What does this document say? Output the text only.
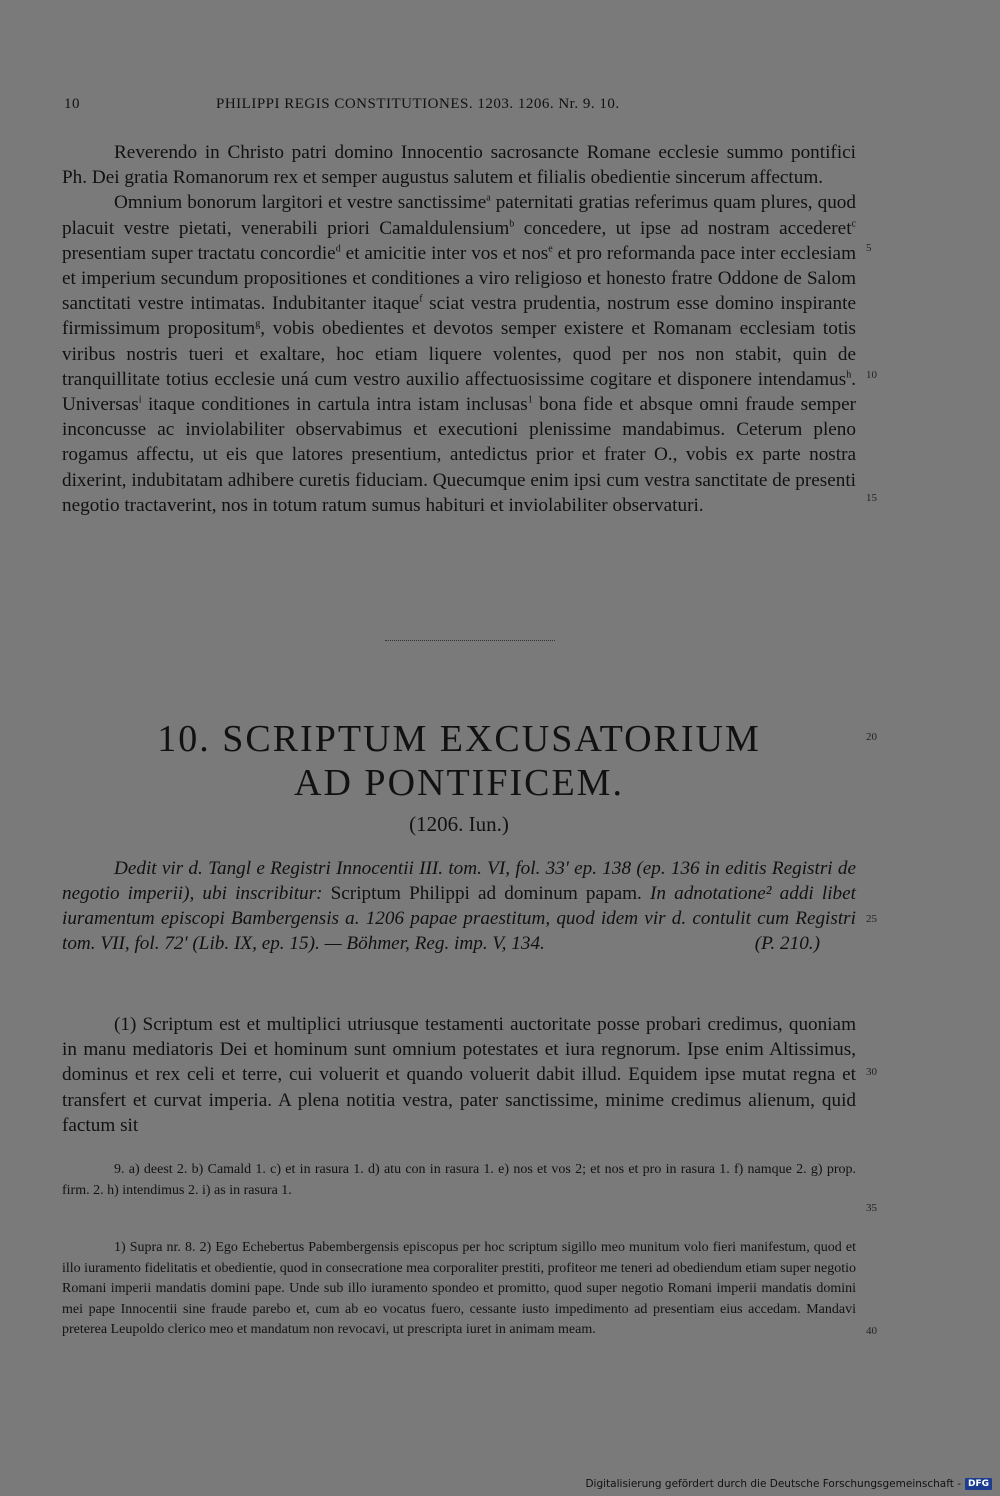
10	PHILIPPI REGIS CONSTITUTIONES. 1203. 1206. Nr. 9. 10.

Reverendo in Christo patri domino Innocentio sacrosancte Romane ecclesie summo pontifici Ph. Dei gratia Romanorum rex et semper augustus salutem et filialis obedientie sincerum affectum.

Omnium bonorum largitori et vestre sanctissime$^a$ paternitati gratias referimus quam plures, quod placuit vestre pietati, venerabili priori Camaldulensium$^b$ concedere, ut ipse ad nostram accederet$^c$ presentiam super tractatu concordie$^d$ et amicitie inter vos et nos$^e$ et pro reformanda pace inter ecclesiam et imperium secundum propositiones et conditiones a viro religioso et honesto fratre Oddone de Salom sanctitati vestre intimatas. Indubitanter itaque$^f$ sciat vestra prudentia, nostrum esse domino inspirante firmissimum propositum$^g$, vobis obedientes et devotos semper existere et Romanam ecclesiam totis viribus nostris tueri et exaltare, hoc etiam liquere volentes, quod per nos non stabit, quin de tranquillitate totius ecclesie uná cum vestro auxilio affectuosissime cogitare et disponere intendamus$^h$. Universas$^i$ itaque conditiones in cartula intra istam inclusas$^1$ bona fide et absque omni fraude semper inconcusse ac inviolabiliter observabimus et executioni plenissime mandabimus. Ceterum pleno rogamus affectu, ut eis que latores presentium, antedictus prior et frater O., vobis ex parte nostra dixerint, indubitatam adhibere curetis fiduciam. Quecumque enim ipsi cum vestra sanctitate de presenti negotio tractaverint, nos in totum ratum sumus habituri et inviolabiliter observaturi.

5
10
15
20
25
30
35
40
10. SCRIPTUM EXCUSATORIUM
AD PONTIFICEM.
(1206. Iun.)

Dedit vir d. Tangl e Registri Innocentii III. tom. VI, fol. 33' ep. 138 (ep. 136 in editis Registri de negotio imperii), ubi inscribitur: Scriptum Philippi ad dominum papam. In adnotatione² addi libet iuramentum episcopi Bambergensis a. 1206 papae praestitum, quod idem vir d. contulit cum Registri tom. VII, fol. 72' (Lib. IX, ep. 15). — Böhmer, Reg. imp. V, 134.	(P. 210.)

(1) Scriptum est et multiplici utriusque testamenti auctoritate posse probari credimus, quoniam in manu mediatoris Dei et hominum sunt omnium potestates et iura regnorum. Ipse enim Altissimus, dominus et rex celi et terre, cui voluerit et quando voluerit dabit illud. Equidem ipse mutat regna et transfert et curvat imperia. A plena notitia vestra, pater sanctissime, minime credimus alienum, quid factum sit

9. a) deest 2. b) Camald 1. c) et in rasura 1. d) atu con in rasura 1. e) nos et vos 2; et nos et pro in rasura 1. f) namque 2. g) prop. firm. 2. h) intendimus 2. i) as in rasura 1.

1) Supra nr. 8. 2) Ego Echebertus Pabembergensis episcopus per hoc scriptum sigillo meo munitum volo fieri manifestum, quod et illo iuramento fidelitatis et obedientie, quod in consecratione mea corporaliter prestiti, profiteor me teneri ad obediendum etiam super negotio Romani imperii mandatis domini pape. Unde sub illo iuramento spondeo et promitto, quod super negotio Romani imperii mandatis domini mei pape Innocentii sine fraude parebo et, cum ab eo vocatus fuero, cessante iusto impedimento ad presentiam eius accedam. Mandavi preterea Leupoldo clerico meo et mandatum non revocavi, ut prescripta iuret in animam meam.

Digitalisierung gefördert durch die Deutsche Forschungsgemeinschaft - DFG
